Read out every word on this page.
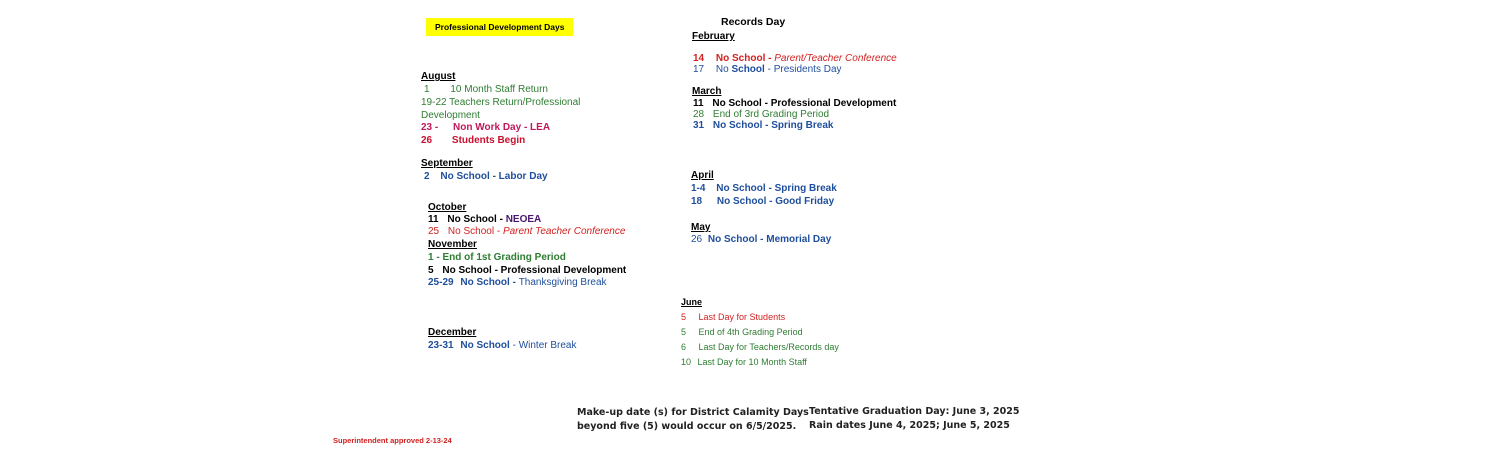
Professional Development Days	Records Day
August
1 10 Month Staff Return
19-22 Teachers Return/Professional
Development
23 - Non Work Day - LEA
26 Students Begin
September
2 No School - Labor Day
October
11 No School - NEOEA
25 No School - Parent Teacher Conference
November
1 - End of 1st Grading Period
5 No School - Professional Development
25-29 No School - Thanksgiving Break
December
23-31 No School - Winter Break
February
14 No School - Parent/Teacher Conference
17 No School - Presidents Day
March
11 No School - Professional Development
28 End of 3rd Grading Period
31 No School - Spring Break
April
1-4 No School - Spring Break
18 No School - Good Friday
May
26 No School - Memorial Day
June
5 Last Day for Students
5 End of 4th Grading Period
6 Last Day for Teachers/Records day
10 Last Day for 10 Month Staff
Make-up date (s) for District Calamity Days
beyond five (5) would occur on 6/5/2025.
Tentative Graduation Day: June 3, 2025
Rain dates June 4, 2025; June 5, 2025
Superintendent approved 2-13-24
